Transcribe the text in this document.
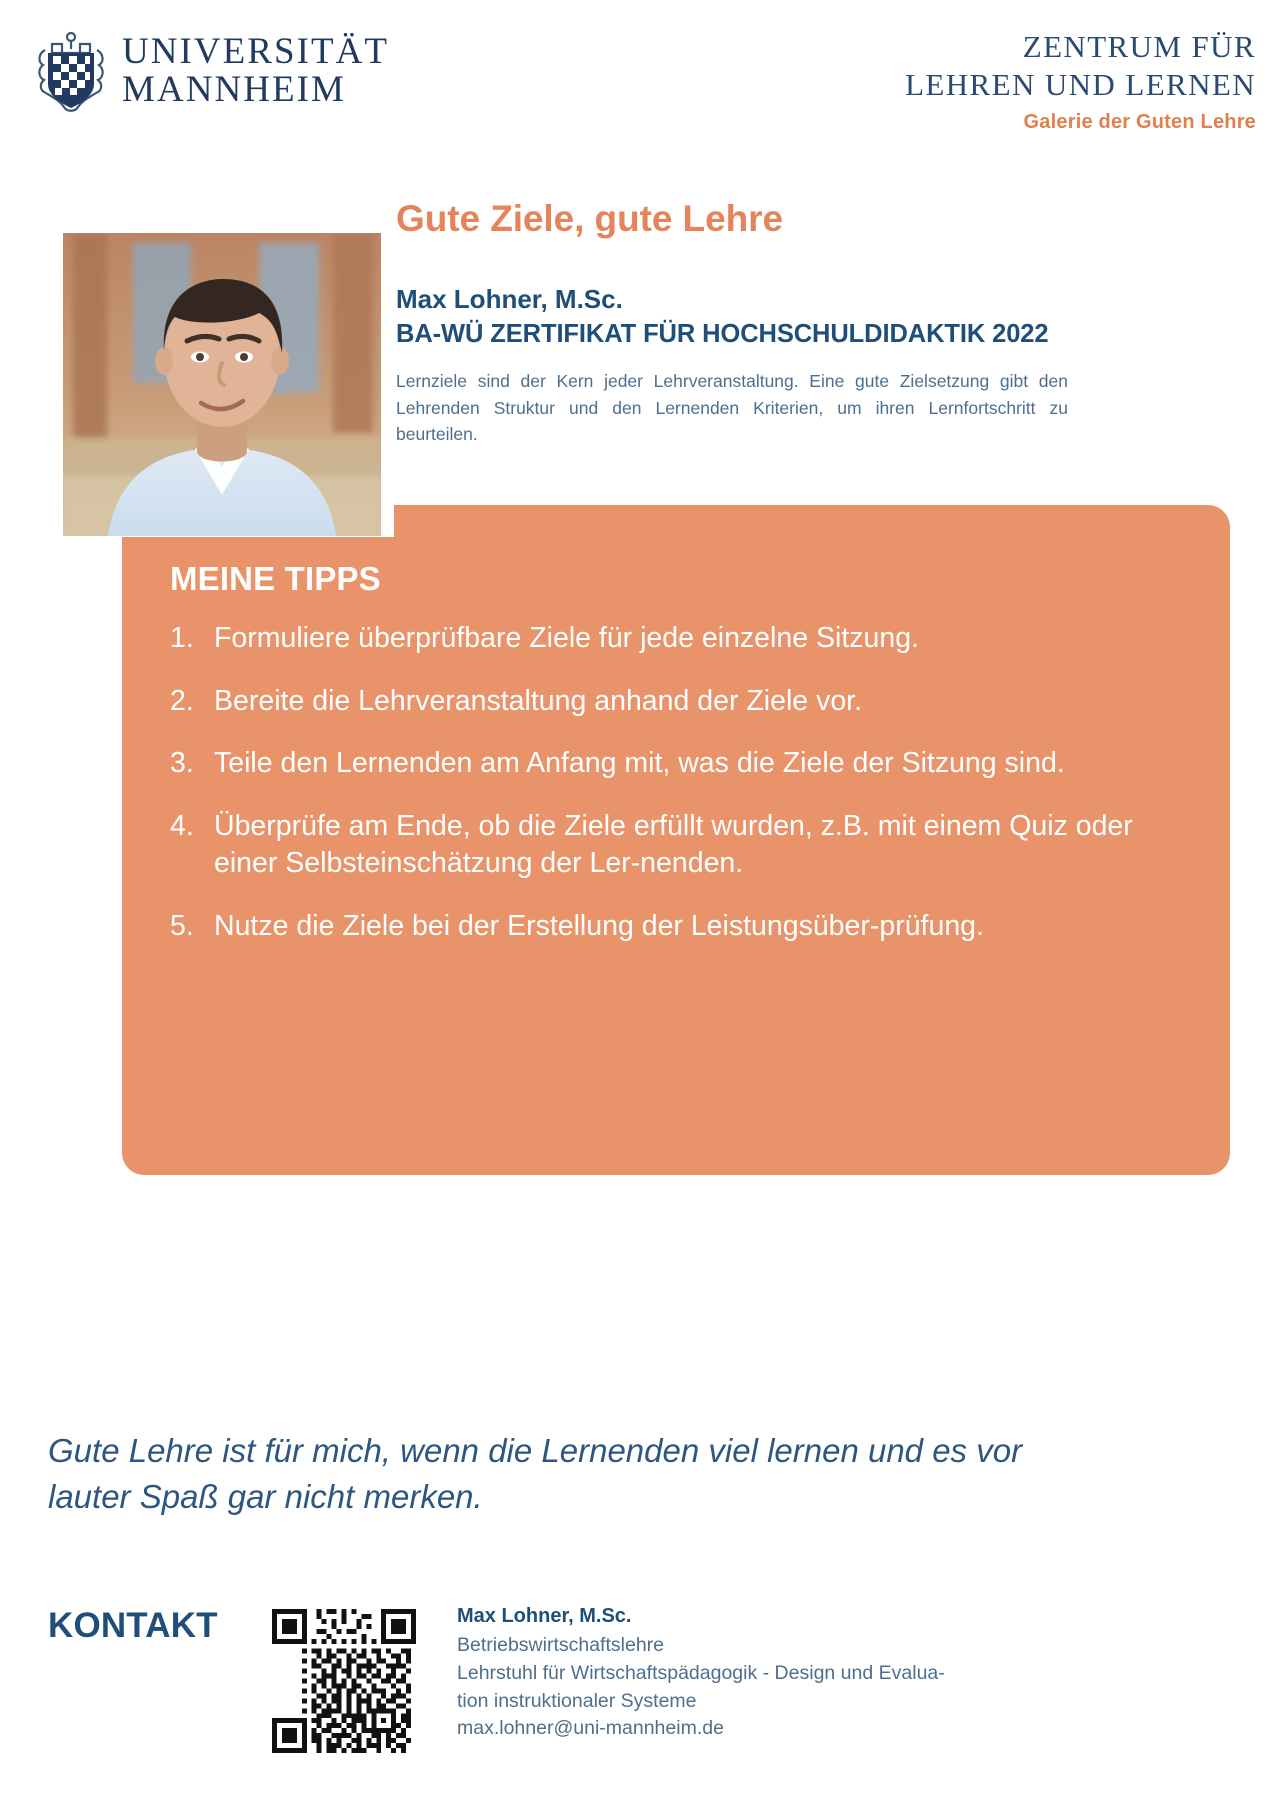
UNIVERSITÄT
MANNHEIM
ZENTRUM FÜR
LEHREN UND LERNEN
Galerie der Guten Lehre
Gute Ziele, gute Lehre
Max Lohner, M.Sc.
BA-WÜ ZERTIFIKAT FÜR HOCHSCHULDIDAKTIK 2022
Lernziele sind der Kern jeder Lehrveranstaltung. Eine gute Zielsetzung gibt den Lehrenden Struktur und den Lernenden Kriterien, um ihren Lernfortschritt zu beurteilen.
MEINE TIPPS
1. Formuliere überprüfbare Ziele für jede einzelne Sitzung.
2. Bereite die Lehrveranstaltung anhand der Ziele vor.
3. Teile den Lernenden am Anfang mit, was die Ziele der Sitzung sind.
4. Überprüfe am Ende, ob die Ziele erfüllt wurden, z.B. mit einem Quiz oder einer Selbsteinschätzung der Ler-nenden.
5. Nutze die Ziele bei der Erstellung der Leistungsüber-prüfung.
Gute Lehre ist für mich, wenn die Lernenden viel lernen und es vor lauter Spaß gar nicht merken.
KONTAKT	Max Lohner, M.Sc.
Betriebswirtschaftslehre
Lehrstuhl für Wirtschaftspädagogik - Design und Evalua-
tion instruktionaler Systeme
max.lohner@uni-mannheim.de
